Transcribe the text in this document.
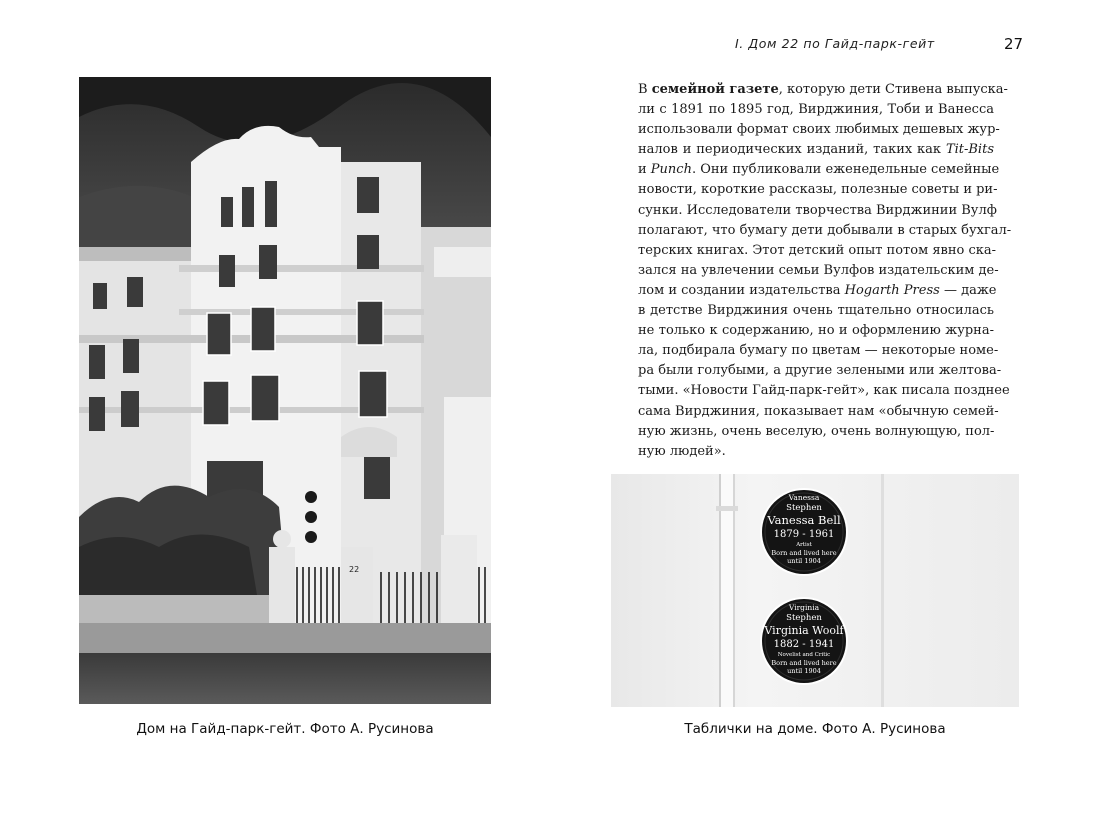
I. Дом 22 по Гайд-парк-гейт	27
22
В семейной газете, которую дети Стивена выпуска-
ли с 1891 по 1895 год, Вирджиния, Тоби и Ванесса
использовали формат своих любимых дешевых жур-
налов и периодических изданий, таких как Tit-Bits
и Punch. Они публиковали еженедельные семейные
новости, короткие рассказы, полезные советы и ри-
сунки. Исследователи творчества Вирджинии Вулф
полагают, что бумагу дети добывали в старых бухгал-
терских книгах. Этот детский опыт потом явно ска-
зался на увлечении семьи Вулфов издательским де-
лом и создании издательства Hogarth Press — даже
в детстве Вирджиния очень тщательно относилась
не только к содержанию, но и оформлению журна-
ла, подбирала бумагу по цветам — некоторые номе-
ра были голубыми, а другие зелеными или желтова-
тыми. «Новости Гайд-парк-гейт», как писала позднее
сама Вирджиния, показывает нам «обычную семей-
ную жизнь, очень веселую, очень волнующую, пол-
ную людей».
Vanessa
Stephen
Vanessa Bell
1879 - 1961
Artist
Born and lived here
until 1904
Virginia
Stephen
Virginia Woolf
1882 - 1941
Novelist and Critic
Born and lived here
until 1904
Дом на Гайд-парк-гейт. Фото А. Русинова	Таблички на доме. Фото А. Русинова
